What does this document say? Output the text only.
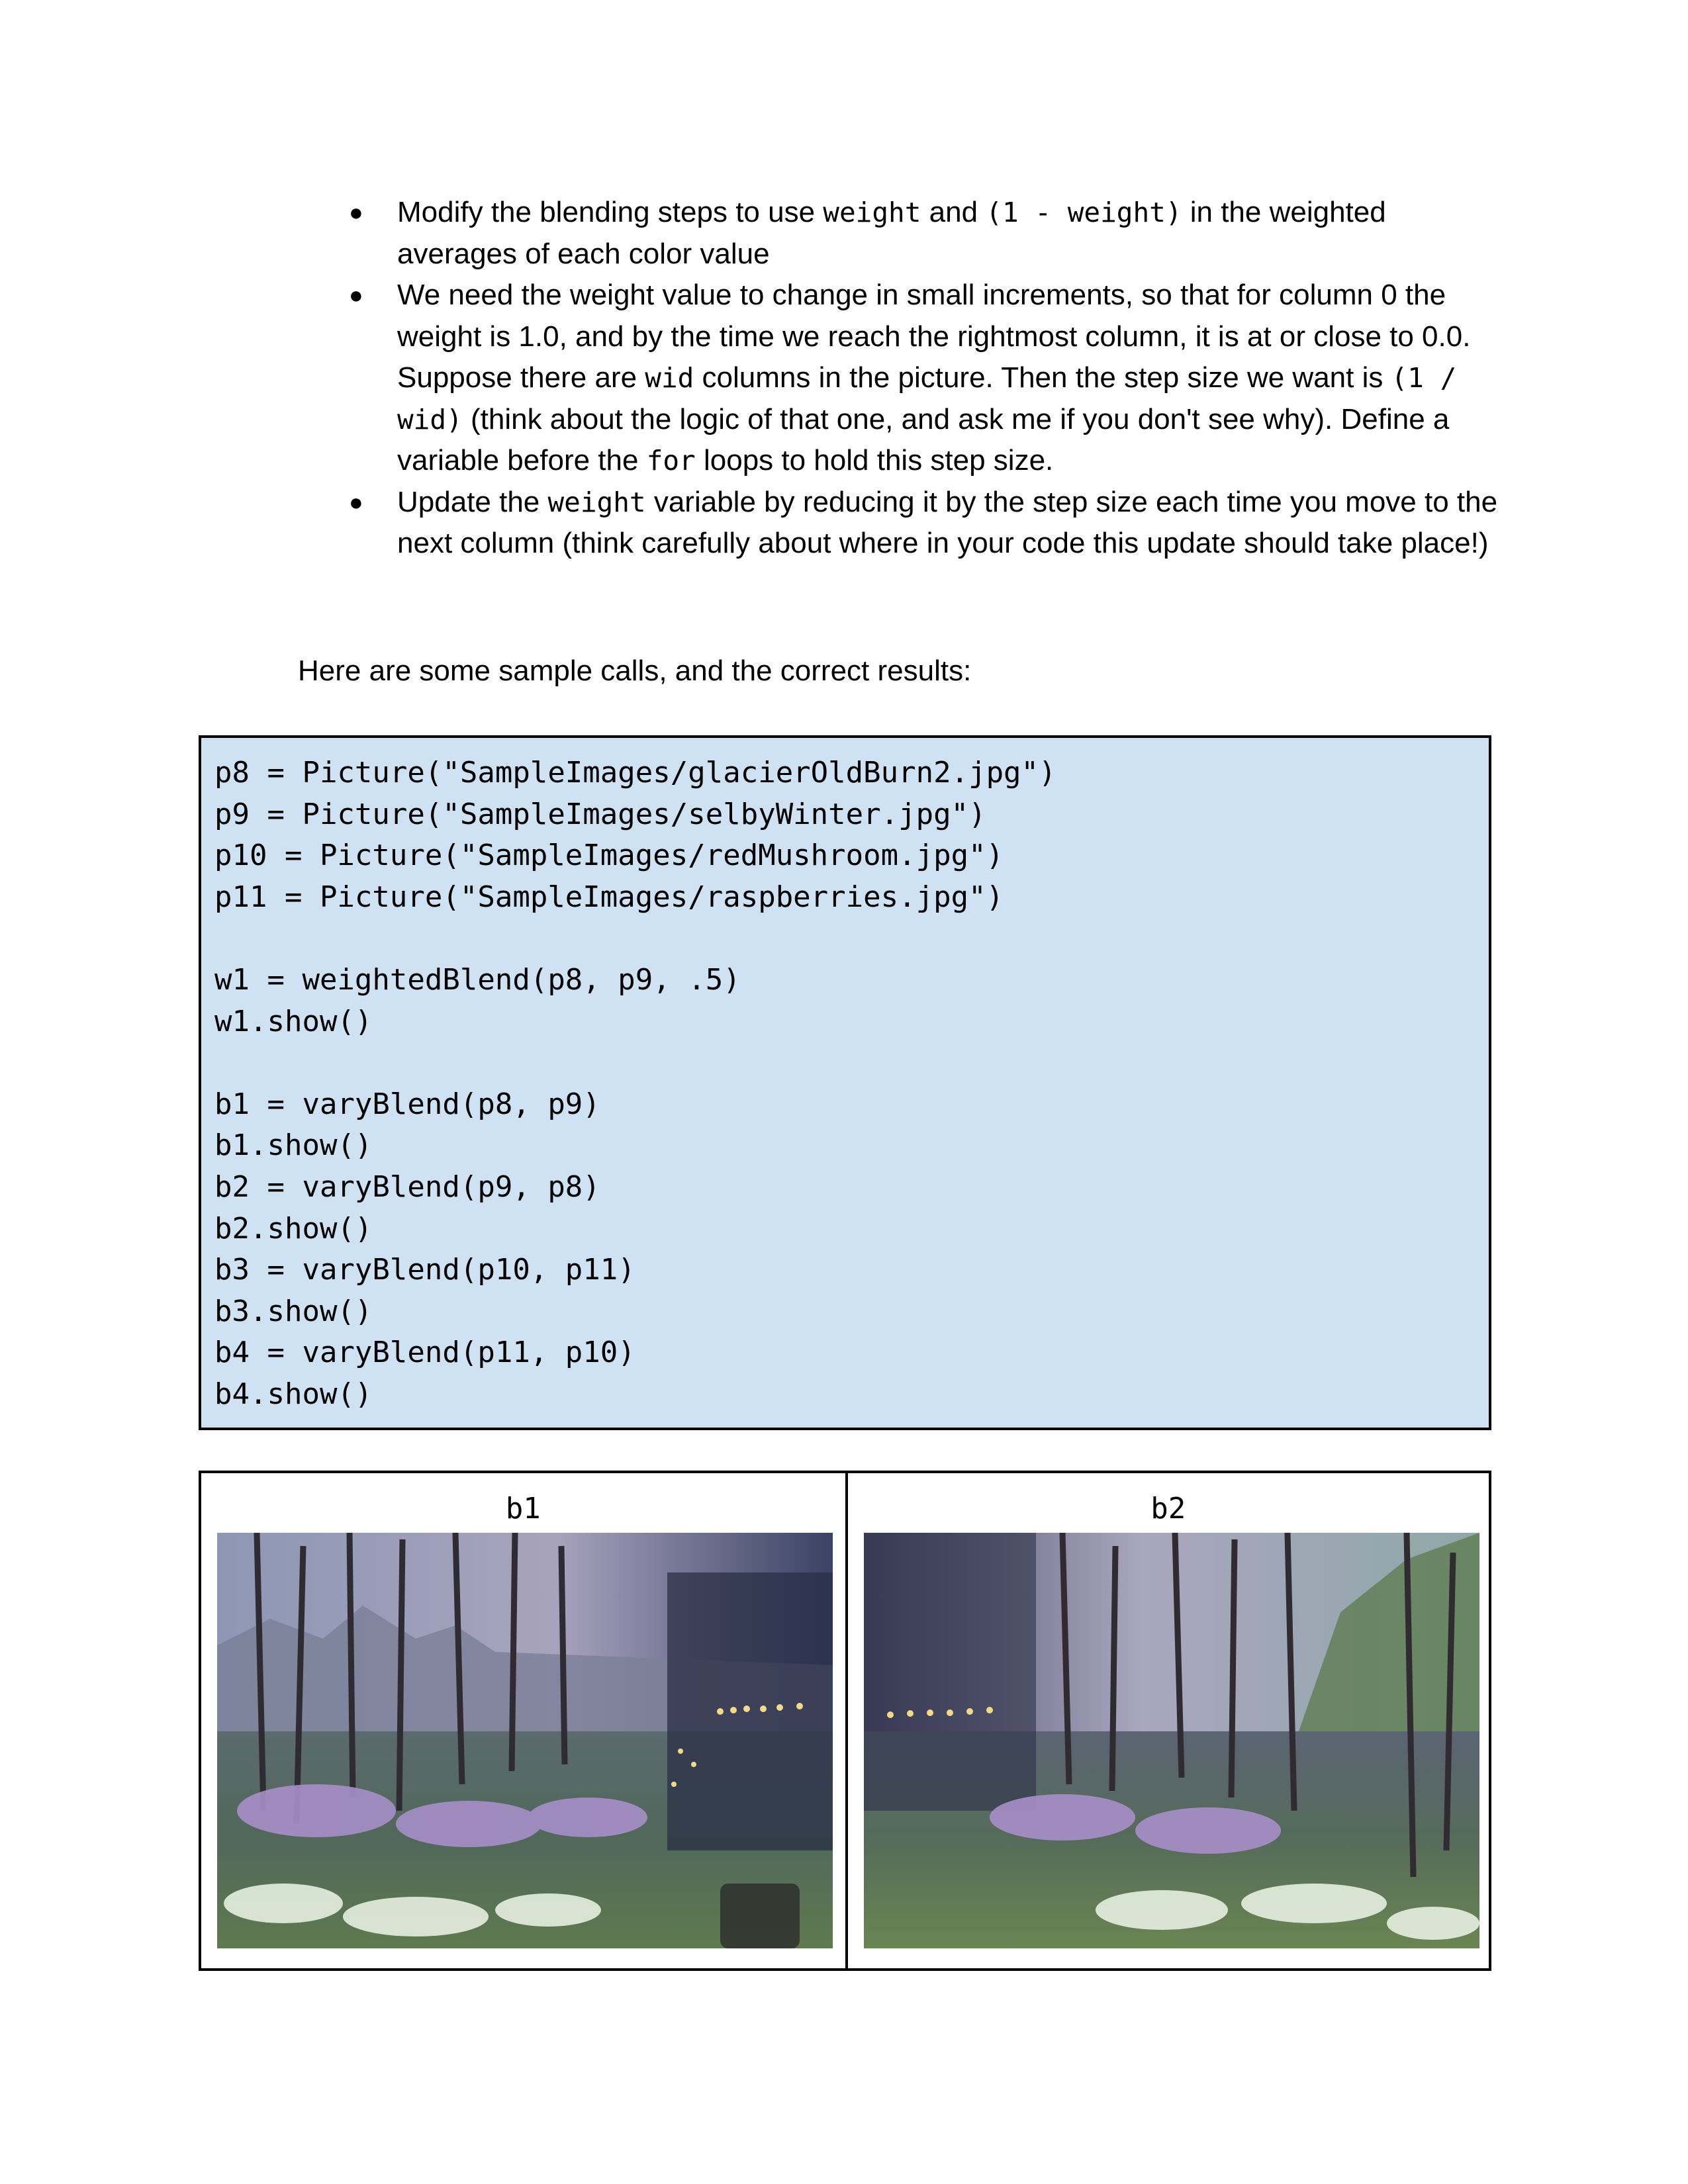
● Modify the blending steps to use weight and (1 - weight) in the weighted averages of each color value
● We need the weight value to change in small increments, so that for column 0 the weight is 1.0, and by the time we reach the rightmost column, it is at or close to 0.0. Suppose there are wid columns in the picture. Then the step size we want is (1 / wid) (think about the logic of that one, and ask me if you don't see why). Define a variable before the for loops to hold this step size.
● Update the weight variable by reducing it by the step size each time you move to the next column (think carefully about where in your code this update should take place!)

Here are some sample calls, and the correct results:

p8 = Picture("SampleImages/glacierOldBurn2.jpg")
p9 = Picture("SampleImages/selbyWinter.jpg")
p10 = Picture("SampleImages/redMushroom.jpg")
p11 = Picture("SampleImages/raspberries.jpg")

w1 = weightedBlend(p8, p9, .5)
w1.show()

b1 = varyBlend(p8, p9)
b1.show()
b2 = varyBlend(p9, p8)
b2.show()
b3 = varyBlend(p10, p11)
b3.show()
b4 = varyBlend(p11, p10)
b4.show()
b1	b2
